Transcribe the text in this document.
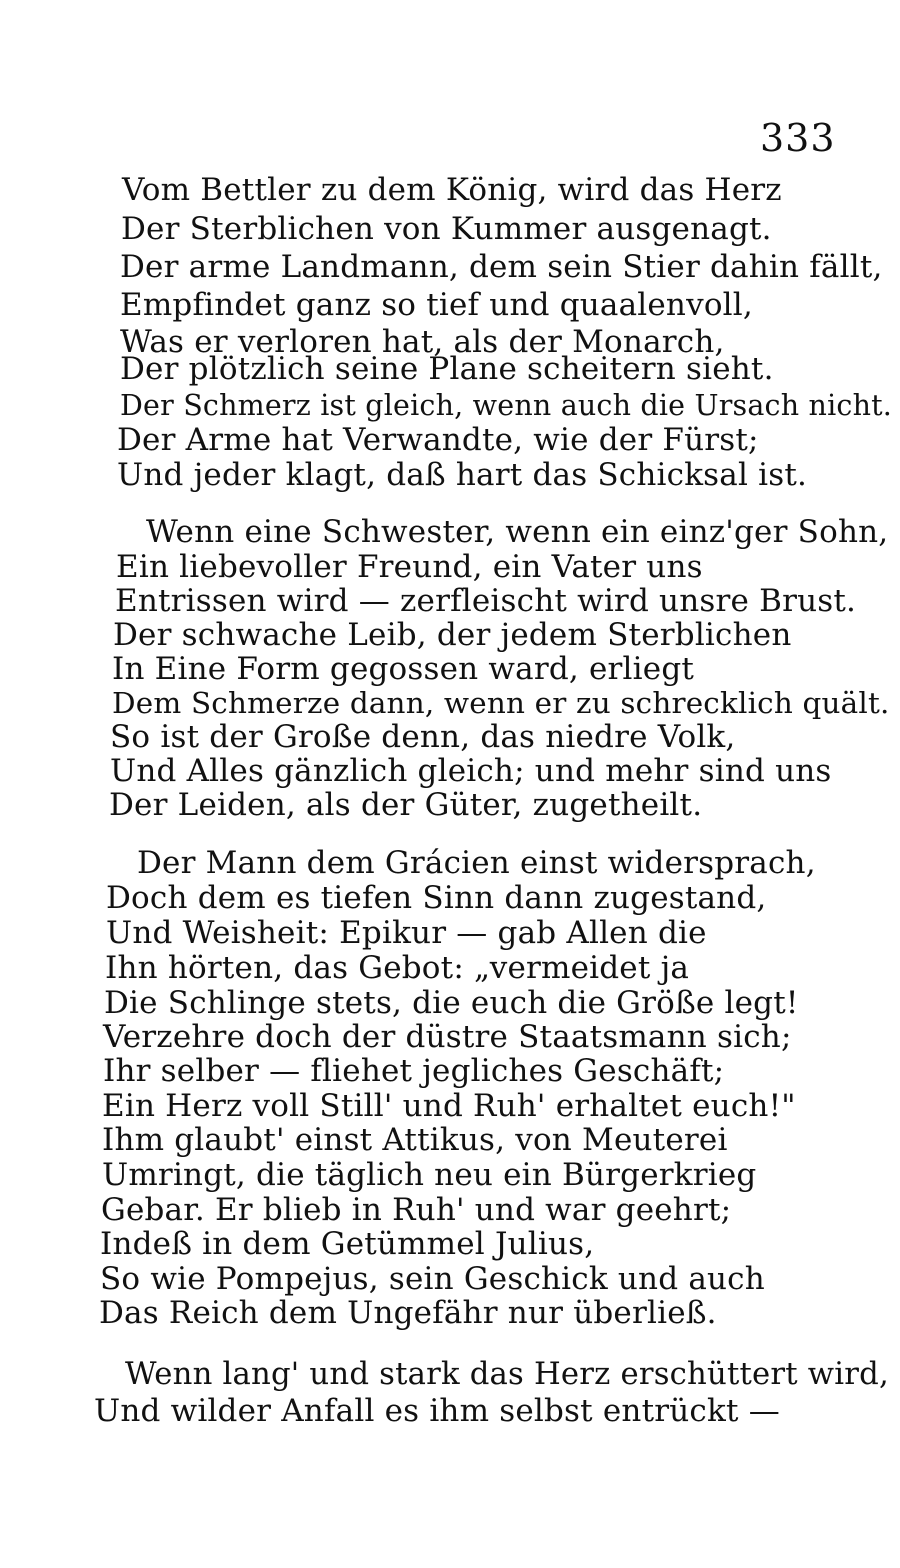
333
Vom Bettler zu dem König, wird das Herz
Der Sterblichen von Kummer ausgenagt.
Der arme Landmann, dem sein Stier dahin fällt,
Empfindet ganz so tief und quaalenvoll,
Was er verloren hat, als der Monarch,
Der plötzlich seine Plane scheitern sieht.
Der Schmerz ist gleich, wenn auch die Ursach nicht.
Der Arme hat Verwandte, wie der Fürst;
Und jeder klagt, daß hart das Schicksal ist.
Wenn eine Schwester, wenn ein einz'ger Sohn,
Ein liebevoller Freund, ein Vater uns
Entrissen wird — zerfleischt wird unsre Brust.
Der schwache Leib, der jedem Sterblichen
In Eine Form gegossen ward, erliegt
Dem Schmerze dann, wenn er zu schrecklich quält.
So ist der Große denn, das niedre Volk,
Und Alles gänzlich gleich; und mehr sind uns
Der Leiden, als der Güter, zugetheilt.
Der Mann dem Grácien einst widersprach,
Doch dem es tiefen Sinn dann zugestand,
Und Weisheit: Epikur — gab Allen die
Ihn hörten, das Gebot: „vermeidet ja
Die Schlinge stets, die euch die Größe legt!
Verzehre doch der düstre Staatsmann sich;
Ihr selber — fliehet jegliches Geschäft;
Ein Herz voll Still' und Ruh' erhaltet euch!"
Ihm glaubt' einst Attikus, von Meuterei
Umringt, die täglich neu ein Bürgerkrieg
Gebar. Er blieb in Ruh' und war geehrt;
Indeß in dem Getümmel Julius,
So wie Pompejus, sein Geschick und auch
Das Reich dem Ungefähr nur überließ.
Wenn lang' und stark das Herz erschüttert wird,
Und wilder Anfall es ihm selbst entrückt —
